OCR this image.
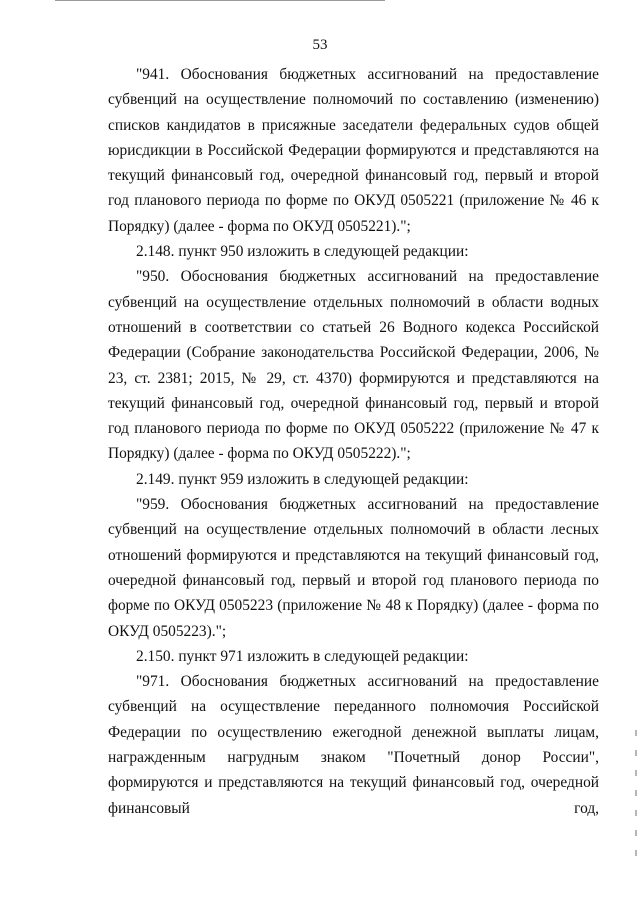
53

"941. Обоснования бюджетных ассигнований на предоставление субвенций на осуществление полномочий по составлению (изменению) списков кандидатов в присяжные заседатели федеральных судов общей юрисдикции в Российской Федерации формируются и представляются на текущий финансовый год, очередной финансовый год, первый и второй год планового периода по форме по ОКУД 0505221 (приложение № 46 к Порядку) (далее - форма по ОКУД 0505221).";

2.148. пункт 950 изложить в следующей редакции:

"950. Обоснования бюджетных ассигнований на предоставление субвенций на осуществление отдельных полномочий в области водных отношений в соответствии со статьей 26 Водного кодекса Российской Федерации (Собрание законодательства Российской Федерации, 2006, № 23, ст. 2381; 2015, № 29, ст. 4370) формируются и представляются на текущий финансовый год, очередной финансовый год, первый и второй год планового периода по форме по ОКУД 0505222 (приложение № 47 к Порядку) (далее - форма по ОКУД 0505222).";

2.149. пункт 959 изложить в следующей редакции:

"959. Обоснования бюджетных ассигнований на предоставление субвенций на осуществление отдельных полномочий в области лесных отношений формируются и представляются на текущий финансовый год, очередной финансовый год, первый и второй год планового периода по форме по ОКУД 0505223 (приложение № 48 к Порядку) (далее - форма по ОКУД 0505223).";

2.150. пункт 971 изложить в следующей редакции:

"971. Обоснования бюджетных ассигнований на предоставление субвенций на осуществление переданного полномочия Российской Федерации по осуществлению ежегодной денежной выплаты лицам, награжденным нагрудным знаком "Почетный донор России", формируются и представляются на текущий финансовый год, очередной финансовый год,
